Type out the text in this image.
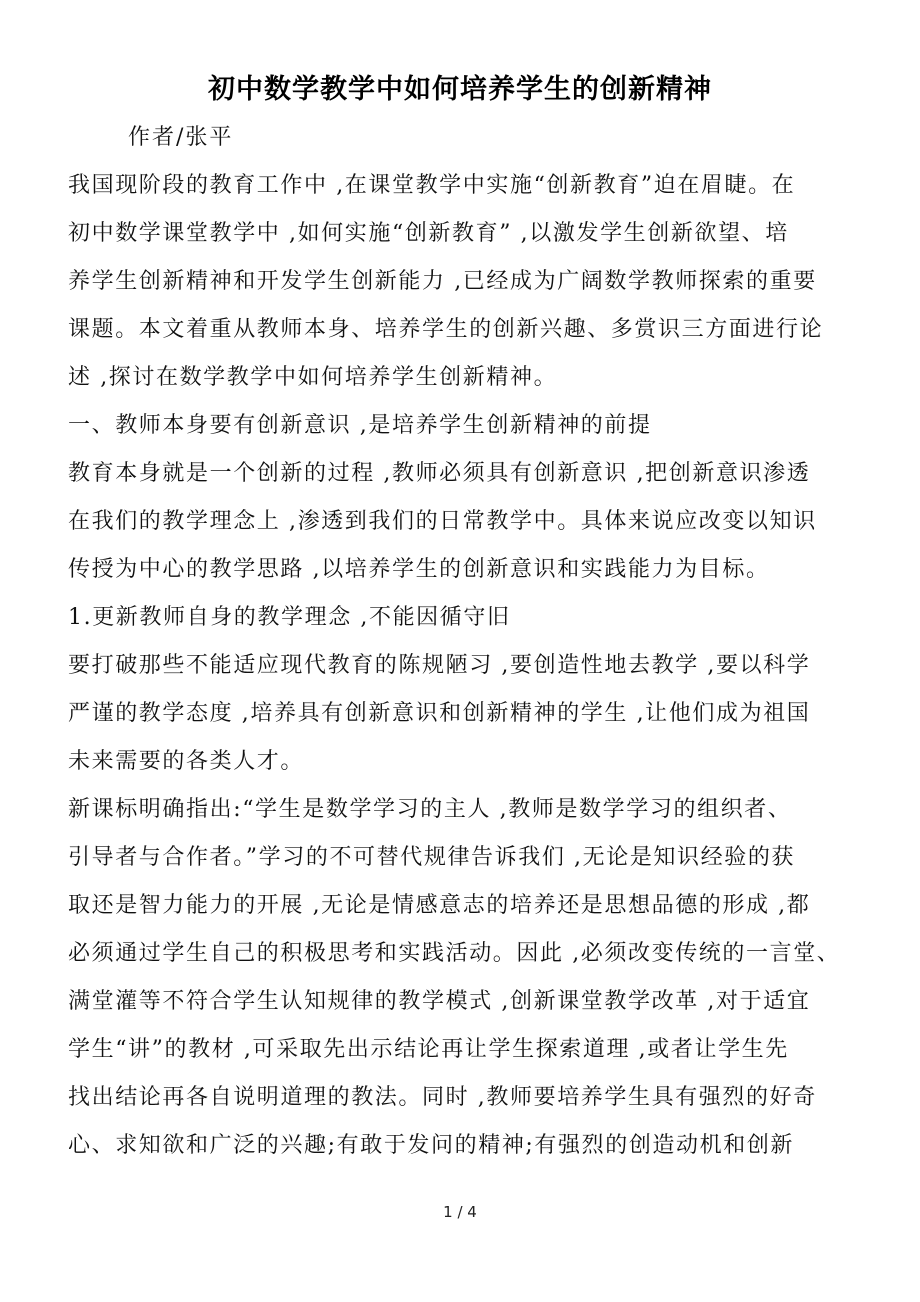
初中数学教学中如何培养学生的创新精神
作者/张平
我国现阶段的教育工作中 ,在课堂教学中实施“创新教育”迫在眉睫。在
初中数学课堂教学中 ,如何实施“创新教育” ,以激发学生创新欲望、培
养学生创新精神和开发学生创新能力 ,已经成为广阔数学教师探索的重要
课题。本文着重从教师本身、培养学生的创新兴趣、多赏识三方面进行论
述 ,探讨在数学教学中如何培养学生创新精神。
一、教师本身要有创新意识 ,是培养学生创新精神的前提
教育本身就是一个创新的过程 ,教师必须具有创新意识 ,把创新意识渗透
在我们的教学理念上 ,渗透到我们的日常教学中。具体来说应改变以知识
传授为中心的教学思路 ,以培养学生的创新意识和实践能力为目标。
1.更新教师自身的教学理念 ,不能因循守旧
要打破那些不能适应现代教育的陈规陋习 ,要创造性地去教学 ,要以科学
严谨的教学态度 ,培养具有创新意识和创新精神的学生 ,让他们成为祖国
未来需要的各类人才。
新课标明确指出:“学生是数学学习的主人 ,教师是数学学习的组织者、
引导者与合作者。”学习的不可替代规律告诉我们 ,无论是知识经验的获
取还是智力能力的开展 ,无论是情感意志的培养还是思想品德的形成 ,都
必须通过学生自己的积极思考和实践活动。因此 ,必须改变传统的一言堂、
满堂灌等不符合学生认知规律的教学模式 ,创新课堂教学改革 ,对于适宜
学生“讲”的教材 ,可采取先出示结论再让学生探索道理 ,或者让学生先
找出结论再各自说明道理的教法。同时 ,教师要培养学生具有强烈的好奇
心、求知欲和广泛的兴趣;有敢于发问的精神;有强烈的创造动机和创新
1 / 4
